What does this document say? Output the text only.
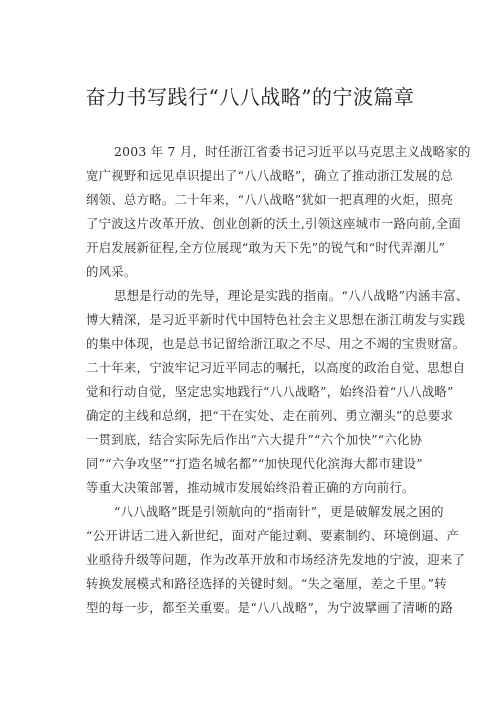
奋力书写践行“八八战略”的宁波篇章
2003 年 7 月，时任浙江省委书记习近平以马克思主义战略家的
宽广视野和远见卓识提出了“八八战略”，确立了推动浙江发展的总
纲领、总方略。二十年来，“八八战略”犹如一把真理的火炬，照亮
了宁波这片改革开放、创业创新的沃土,引领这座城市一路向前,全面
开启发展新征程,全方位展现“敢为天下先”的锐气和“时代弄潮儿”
的风采。
思想是行动的先导，理论是实践的指南。“八八战略”内涵丰富、
博大精深，是习近平新时代中国特色社会主义思想在浙江萌发与实践
的集中体现，也是总书记留给浙江取之不尽、用之不竭的宝贵财富。
二十年来，宁波牢记习近平同志的嘱托，以高度的政治自觉、思想自
觉和行动自觉，坚定忠实地践行“八八战略”，始终沿着“八八战略”
确定的主线和总纲，把“干在实处、走在前列、勇立潮头”的总要求
一贯到底，结合实际先后作出“六大提升”“六个加快”“六化协
同”“六争攻坚”“打造名城名都”“加快现代化滨海大都市建设”
等重大决策部署，推动城市发展始终沿着正确的方向前行。
“八八战略”既是引领航向的“指南针”，更是破解发展之困的
“公开讲话二进入新世纪，面对产能过剩、要素制约、环境倒逼、产
业亟待升级等问题，作为改革开放和市场经济先发地的宁波，迎来了
转换发展模式和路径选择的关键时刻。“失之毫厘，差之千里。”转
型的每一步，都至关重要。是“八八战略”，为宁波擘画了清晰的路
